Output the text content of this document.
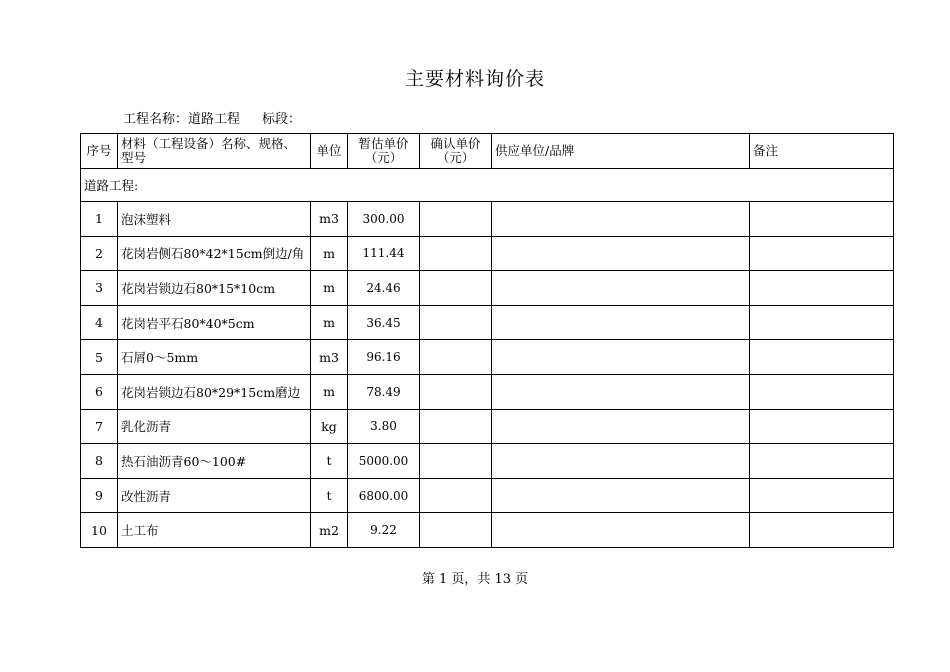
主要材料询价表
工程名称：道路工程 标段：
序号	材料（工程设备）名称、规格、型号	单位	暂估单价（元）	确认单价（元）	供应单位/品牌	备注
道路工程:						
1	泡沫塑料	m3	300.00			
2	花岗岩侧石80*42*15cm倒边/角	m	111.44			
3	花岗岩锁边石80*15*10cm	m	24.46			
4	花岗岩平石80*40*5cm	m	36.45			
5	石屑0～5mm	m3	96.16			
6	花岗岩锁边石80*29*15cm磨边	m	78.49			
7	乳化沥青	kg	3.80			
8	热石油沥青60～100#	t	5000.00			
9	改性沥青	t	6800.00			
10	土工布	m2	9.22			
第 1 页，共 13 页
